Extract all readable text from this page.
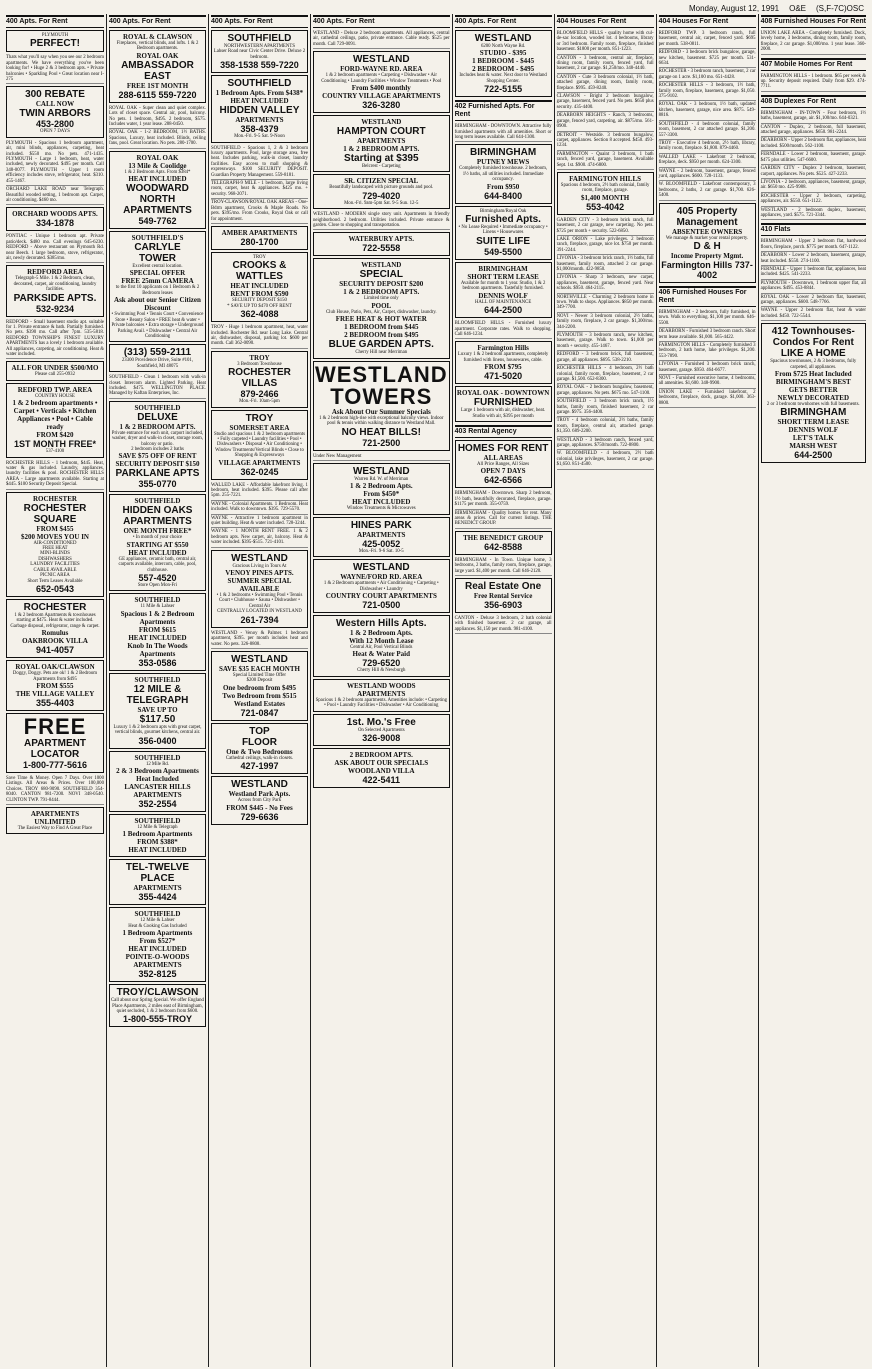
Monday, August 12, 1991 O&E (S,F-7C)OSC
400 Apts. For Rent
PLYMOUTH
PERFECT!
Thats what you'll say when you see our 2 bedroom apartments. We have everything you've been looking for! • Huge 2 & 3 bedroom apts. • Private balconies • Sparkling Pool • Great location near I-275
300 REBATE
CALL NOW
TWIN ARBORS
453-2800
OPEN 7 DAYS
PLYMOUTH - Spacious 1 bedroom apartment, air, mini blinds, appliances, carpeting, heat included. $550 mo. No pets. 471-1435. PLYMOUTH - Large 1 bedroom, heat, water included, newly decorated. $495 per month. Call 348-0077. PLYMOUTH - Upper 1 room efficiency includes stove, refrigerator, heat. $310. 455-1467.
ORCHARD LAKE ROAD near Telegraph. Beautiful wooded setting, 1 bedroom apt. Carpet, air conditioning. $460 mo.
ORCHARD WOODS APTS.
334-1878
PONTIAC - Unique 1 bedroom apt. Private patio/deck. $480 mo. Call evenings 645-6230. REDFORD - Above restaurant on Plymouth Rd. near Beech. 1 large bedroom, stove, refrigerator, air, newly decorated. $385/mo.
REDFORD AREA
Telegraph-5 Mile. 1 & 2 Bedroom, clean, decorated, carpet, air conditioning, laundry facilities.
PARKSIDE APTS.
532-9234
REDFORD - Small basement studio apt. suitable for 1. Private entrance & bath. Partially furnished. No pets. $390 mo. Call after 7pm. 535-5818. REDFORD TOWNSHIP'S FINEST LUXURY APARTMENTS has a lovely 1 bedroom available. All appliances, carpeting, air conditioning. Heat & water included.
ALL FOR UNDER $500/MO
Please call 255-0932
REDFORD TWP. AREA
COUNTRY HOUSE
1 & 2 bedroom apartments • Carpet • Verticals • Kitchen Appliances • Pool • Cable ready
FROM $420
1ST MONTH FREE*
537-4100
ROCHESTER HILLS - 1 bedroom, $445. Heat, water & gas included. Laundry, appliances, laundry facilities & pool. ROCHESTER HILLS AREA - Large apartments available. Starting at $445. $100 Security Deposit Special.
ROCHESTER
ROCHESTER
SQUARE
FROM $455
$200 MOVES YOU IN
AIR-CONDITIONED
FREE HEAT
MINI-BLINDS
DISHWASHERS
LAUNDRY FACILITIES
CABLE AVAILABLE
PICNIC AREA
Short Term Leases Available
652-0543
ROCHESTER
1 & 2 bedroom Apartments & townhouses starting at $475. Heat & water included. Garbage disposal, refrigerator, range & carpet.
Romulus
OAKBROOK VILLA
941-4057
ROYAL OAK/CLAWSON
Doggy, Doggy. Pets are ok! 1 & 2 Bedroom Apartments from $495
FROM $555
THE VILLAGE VALLEY
355-4403
FREE
APARTMENT
LOCATOR
1-800-777-5616
Save Time & Money. Open 7 Days. Over 1000 Listings. All Areas & Prices. Over 100,000 Choices. TROY 680-9090. SOUTHFIELD 354-8040. CANTON 981-7200. NOVI 348-0540. CLINTON TWP. 791-8444.
APARTMENTS
UNLIMITED
The Easiest Way to Find A Great Place
400 Apts. For Rent
ROYAL & CLAWSON
Fireplaces, vertical blinds, and lofts. 1 & 2 Bedroom apartments.
ROYAL OAK
AMBASSADOR EAST
FREE 1ST MONTH
288-6115 559-7220
ROYAL OAK - Super clean and quiet complex. Lots of closet space. Central air, pool, balcony. No pets. 1 bedroom, $495. 2 bedroom, $575. Includes water, 1 year lease. 288-0450.
ROYAL OAK - 1-2 BEDROOM, 1½ BATHS. Spacious, Luxury, heat included. Blinds, ceiling fans, pool. Great location. No pets. 280-1700.
ROYAL OAK
13 Mile & Coolidge
1 & 2 Bedroom Apts. From $384*
HEAT INCLUDED
WOODWARD NORTH APARTMENTS
549-7762
SOUTHFIELD'S
CARLYLE
TOWER
Excellent central location.
SPECIAL OFFER
FREE 25mm CAMERA
to the first 10 applicants on 1 Bedroom & 2 Bedroom leases
Ask about our Senior Citizen Discount
• Swimming Pool • Tennis Court • Convenience Store • Beauty Salon • FREE heat & water • Private balconies • Extra storage • Underground Parking Avail. • Dishwasher • Central Air Conditioning
(313) 559-2111
23300 Providence Drive, Suite #101, Southfield, MI 48075
SOUTHFIELD - Clean 1 bedroom with walk-in closet. Intercom alarm. Lighted Parking. Heat included. $475. WELLINGTON PLACE. Managed by Kaftan Enterprises, Inc.
SOUTHFIELD
DELUXE
1 & 2 BEDROOM APTS.
Private entrance for each unit, carport included, washer, dryer and walk-in closet, storage room, balcony or patio.
2 bedroom includes 2 baths
SAVE $75 OFF OF RENT
SECURITY DEPOSIT $150
PARKLANE APTS
355-0770
SOUTHFIELD
HIDDEN OAKS
APARTMENTS
ONE MONTH FREE*
• In month of your choice
STARTING AT $550
HEAT INCLUDED
GE appliances, ceramic bath, central air, carports available, intercom, cable, pool, clubhouse.
557-4520
Store Open Mon-Fri
SOUTHFIELD
11 Mile & Lahser
Spacious 1 & 2 Bedroom Apartments
FROM $615
HEAT INCLUDED
Knob In The Woods Apartments
353-0586
SOUTHFIELD
12 MILE &
TELEGRAPH
SAVE UP TO
$117.50
Luxury 1 & 2 bedroom apts with great carpet, vertical blinds, gourmet kitchens, central air.
356-0400
SOUTHFIELD
12 Mile Rd.
2 & 3 Bedroom Apartments
Heat Included
LANCASTER HILLS APARTMENTS
352-2554
SOUTHFIELD
12 Mile & Telegraph
1 Bedroom Apartments
FROM $388*
HEAT INCLUDED
TEL-TWELVE PLACE
APARTMENTS
355-4424
SOUTHFIELD
12 Mile & Lahser
Heat & Cooking Gas Included
1 Bedroom Apartments
From $527*
HEAT INCLUDED
POINTE-O-WOODS APARTMENTS
352-8125
TROY/CLAWSON
Call about our Spring Special. We offer England Place Apartments, 2 miles east of Birmingham, quiet secluded, 1 & 2 bedroom from $600.
1-800-555-TROY
400 Apts. For Rent
SOUTHFIELD
NORTHWESTERN APARTMENTS
Lahser Road near Civic Center Drive. Deluxe 2 bedroom.
358-1538 559-7220
SOUTHFIELD
1 Bedroom Apts. From $438*
HEAT INCLUDED
HIDDEN VALLEY
APARTMENTS
358-4379
Mon.-Fri. 9-5 Sat. 9-Noon
SOUTHFIELD - Spacious 1, 2 & 3 bedroom luxury apartments. Pool, large storage area, free heat. Includes parking, walk-in closet, laundry facilities. Easy access to mall shopping & expressways. $100 SECURITY DEPOSIT. Guardian Property Management. 559-8181.
TELEGRAPH-9 MILE - 1 bedroom, large living room, carpet, heat & appliances. $425 mo. + security. 968-2071.
TROY-CLAWSON/ROYAL OAK AREAS - One-Bdrm apartment, Crooks & Maple Roads. No pets. $395/mo. From Crooks, Royal Oak or call for appointment.
AMBER APARTMENTS
280-1700
TROY
CROOKS &
WATTLES
HEAT INCLUDED
RENT FROM $590
SECURITY DEPOSIT $150
* SAVE UP TO $470 OFF RENT
362-4088
TROY - Huge 1 bedroom apartment, heat, water included. Rochester Rd. near Long Lake. Central air, dishwasher, disposal, parking lot. $600 per month. Call 362-0090.
TROY
3 Bedroom Townhouse
ROCHESTER VILLAS
879-2466
Mon.-Fri. 10am-5pm
TROY
SOMERSET AREA
Studio and spacious 1 & 2 bedroom apartments • Fully carpeted • Laundry facilities • Pool • Dishwashers • Disposal • Air Conditioning • Window Treatments/Vertical Blinds • Close to Shopping & Expressways
VILLAGE APARTMENTS
362-0245
WALLED LAKE - Affordable lakefront living. 1 bedroom, heat included. $395. Please call after 5pm. 255-7221.
WAYNE - Colonial Apartments. 1 Bedroom. Heat included. Walk to downtown. $395. 729-5570.
WAYNE - Attractive 1 bedroom apartment in quiet building. Heat & water included. 728-3244.
WAYNE - 1 MONTH RENT FREE. 1 & 2 bedroom apts. New carpet, air, balcony. Heat & water included. $395-$515. 721-4101.
WESTLAND
Gracious Living in Tours At
VENOY PINES APTS.
SUMMER SPECIAL AVAILABLE
• 1 & 2 bedrooms • Swimming Pool • Tennis Court • Clubhouse • Sauna • Dishwasher • Central Air
CENTRALLY LOCATED IN WESTLAND
261-7394
WESTLAND - Venoy & Palmer. 1 bedroom apartment, $395. per month includes heat and water. No pets. 326-8808.
WESTLAND
SAVE $35 EACH MONTH
Special Limited Time Offer
$200 Deposit
One bedroom from $495
Two Bedroom from $515
Westland Estates
721-0847
TOP
FLOOR
One & Two Bedrooms
Cathedral ceilings, walk-in closets.
427-1997
WESTLAND
Westland Park Apts.
Across from City Park
FROM $445 - No Fees
729-6636
400 Apts. For Rent
WESTLAND - Deluxe 2 bedroom apartments. All appliances, central air, cathedral ceilings, patio, private entrance. Cable ready. $525 per month. Call 729-0091.
WESTLAND
FORD-WAYNE RD. AREA
1 & 2 bedroom apartments • Carpeting • Dishwasher • Air Conditioning • Laundry Facilities • Window Treatments • Pool
From $400 monthly
COUNTRY VILLAGE APARTMENTS
326-3280
WESTLAND
HAMPTON COURT
APARTMENTS
1 & 2 BEDROOM APTS.
Starting at $395
Belcrest - Carpeting
SR. CITIZEN SPECIAL
Beautifully landscaped with picture grounds and pool.
729-4020
Mon.-Fri. 9am-5pm Sat. 9-5 Sun. 12-5
WESTLAND - MODERN single story unit. Apartments in friendly neighborhood. 2 bedroom. Utilities included. Private entrance & garden. Close to shopping and transportation.
WATERBURY APTS.
722-5558
WESTLAND
SPECIAL
SECURITY DEPOSIT $200
1 & 2 BEDROOM APTS.
Limited time only
POOL
Club House, Patio, Pets, Air, Carpet, dishwasher, laundry.
FREE HEAT & HOT WATER
1 BEDROOM from $445
2 BEDROOM from $495
BLUE GARDEN APTS.
Cherry Hill near Merriman
WESTLAND
TOWERS
Ask About Our Summer Specials
1 & 2 bedroom high-rise with exceptional balcony views. Indoor pool & tennis within walking distance to Westland Mall.
NO HEAT BILLS!
721-2500
Under New Management
WESTLAND
Warren Rd. W. of Merriman
1 & 2 Bedroom Apts.
From $450*
HEAT INCLUDED
Window Treatments & Microwaves
HINES PARK
APARTMENTS
425-0052
Mon.-Fri. 9-6 Sat. 10-5
WESTLAND
WAYNE/FORD RD. AREA
1 & 2 Bedroom apartments • Air Conditioning • Carpeting • Dishwasher • Laundry
COUNTRY COURT APARTMENTS
721-0500
Western Hills Apts.
1 & 2 Bedroom Apts.
With 12 Month Lease
Central Air, Pool Vertical Blinds
Heat & Water Paid
729-6520
Cherry Hill & Newburgh
WESTLAND WOODS
APARTMENTS
Spacious 1 & 2 bedroom apartments. Amenities include: • Carpeting • Pool • Laundry Facilities • Dishwasher • Air Conditioning
1st. Mo.'s Free
On Selected Apartments
326-9008
2 BEDROOM APTS.
ASK ABOUT OUR SPECIALS
WOODLAND VILLA
422-5411
400 Apts. For Rent
WESTLAND
6200 North Wayne Rd.
STUDIO - $395
1 BEDROOM - $445
2 BEDROOM - $495
Includes heat & water. Next door to Westland Shopping Center.
722-5155
402 Furnished Apts. For Rent
BIRMINGHAM - DOWNTOWN. Attractive fully furnished apartments with all amenities. Short or long term leases available. Call 644-1300.
BIRMINGHAM
PUTNEY MEWS
Completely furnished townhouse. 2 bedroom, 1½ baths, all utilities included. Immediate occupancy.
From $950
644-8400
Birmingham/Royal Oak
Furnished Apts.
• No Lease Required • Immediate occupancy • Linens • Housewares
SUITE LIFE
549-5500
BIRMINGHAM
SHORT TERM LEASE
Available for month to 1 year. Studio, 1 & 2 bedroom apartments. Tastefully furnished.
DENNIS WOLF
HALL OF MAINTENANCE
644-2500
BLOOMFIELD HILLS - Furnished luxury apartment. Corporate rates. Walk to shopping. Call 646-1234.
Farmington Hills
Luxury 1 & 2 bedroom apartments, completely furnished with linens, housewares, cable.
FROM $795
471-5020
ROYAL OAK - DOWNTOWN
FURNISHED
Large 1 bedroom with air, dishwasher, heat.
Studio with air, $395 per month
403 Rental Agency
HOMES FOR RENT
ALL AREAS
All Price Ranges, All Sizes
OPEN 7 DAYS
642-6566
BIRMINGHAM - Downtown. Sharp 2 bedroom, 1½ bath, beautifully decorated, fireplace, garage. $1175 per month. 355-0759.
BIRMINGHAM - Quality homes for rent. Many areas & prices. Call for current listings. THE BENEDICT GROUP.
THE BENEDICT GROUP
642-8588
BIRMINGHAM - In Town. Unique home, 3 bedrooms, 2 baths, family room, fireplace, garage, large yard. $1,400 per month. Call 646-2120.
Real Estate One
Free Rental Service
356-6903
CANTON - Deluxe 3 bedroom, 2 bath colonial with finished basement. 2 car garage, all appliances. $1,150 per month. 981-4100.
404 Houses For Rent
BLOOMFIELD HILLS - quality home with cul-de-sac location, wooded lot. 4 bedrooms, library or 3rd bedroom. Family room, fireplace, finished basement. $1800 per month. 851-1223.
CANTON - 3 bedroom, central air, fireplace, dining room, family room, fenced yard, full basement, 2 car garage. $1,250/mo. 348-4440.
CANTON - Cute 3 bedroom colonial, 1½ bath, attached garage, dining room, family room, fireplace. $995. 459-8240.
CLAWSON - Bright 2 bedroom bungalow, garage, basement, fenced yard. No pets. $650 plus security. 435-4400.
DEARBORN HEIGHTS - Ranch, 3 bedrooms, garage, fenced yard, carpeting, air. $875/mo. 561-0900.
DETROIT - Westside. 3 bedroom bungalow, carpet, appliances. Section 8 accepted. $450. 493-1234.
FARMINGTON - Quaint 3 bedroom, 1 bath ranch, fenced yard, garage, basement. Available Sept. 1st. $900. 474-6800.
FARMINGTON HILLS
Spacious 4 bedroom, 2½ bath colonial, family room, fireplace, garage.
$1,400 MONTH
553-4042
GARDEN CITY - 3 bedroom brick ranch, full basement, 2 car garage, new carpeting. No pets. $725 per month + security. 522-6850.
LAKE ORION - Lake privileges. 2 bedroom ranch, fireplace, garage, nice lot. $750 per month. 391-2244.
LIVONIA - 3 bedroom brick ranch, 1½ baths, full basement, family room, attached 2 car garage. $1,000/month. 422-9850.
LIVONIA - Sharp 3 bedroom, new carpet, appliances, basement, garage, fenced yard. Near schools. $950. 464-2115.
NORTHVILLE - Charming 2 bedroom home in town. Walk to shops. Appliances. $850 per month. 349-7700.
NOVI - Newer 3 bedroom colonial, 2½ baths, family room, fireplace, 2 car garage. $1,300/mo. 344-2200.
PLYMOUTH - 3 bedroom ranch, new kitchen, basement, garage. Walk to town. $1,000 per month + security. 455-1467.
REDFORD - 3 bedroom brick, full basement, garage, all appliances. $695. 538-2210.
ROCHESTER HILLS - 4 bedroom, 2½ bath colonial, family room, fireplace, basement, 2 car garage. $1,500. 652-8300.
ROYAL OAK - 2 bedroom bungalow, basement, garage, appliances. No pets. $675 mo. 547-1100.
SOUTHFIELD - 3 bedroom brick ranch, 1½ baths, family room, finished basement, 2 car garage. $975. 356-4400.
TROY - 4 bedroom colonial, 2½ baths, family room, fireplace, central air, attached garage. $1,350. 689-2200.
WESTLAND - 3 bedroom ranch, fenced yard, garage, appliances. $750/month. 722-8800.
W. BLOOMFIELD - 4 bedroom, 2½ bath colonial, lake privileges, basement, 2 car garage. $1,650. 851-4500.
404 Houses For Rent
REDFORD TWP. 3 bedroom ranch, full basement, central air, carpet, fenced yard. $695 per month. 538-0811.
REDFORD - 3 bedroom brick bungalow, garage, new kitchen, basement. $725 per month. 531-6634.
ROCHESTER - 3 bedroom ranch, basement, 2 car garage on 1 acre. $1,100 mo. 651-4428.
ROCHESTER HILLS - 3 bedroom, 1½ bath, family room, fireplace, basement, garage. $1,050. 375-9102.
ROYAL OAK - 3 bedroom, 1½ bath, updated kitchen, basement, garage, nice area. $875. 549-8816.
SOUTHFIELD - 4 bedroom colonial, family room, basement, 2 car attached garage. $1,200. 557-3300.
TROY - Executive 4 bedroom, 2½ bath, library, family room, fireplace. $1,800. 879-4460.
WALLED LAKE - Lakefront 2 bedroom, fireplace, deck. $950 per month. 624-3300.
WAYNE - 2 bedroom, basement, garage, fenced yard, appliances. $600. 728-1133.
W. BLOOMFIELD - Lakefront contemporary, 3 bedrooms, 2 baths, 2 car garage. $1,700. 626-5400.
405 Property
Management
ABSENTEE OWNERS
We manage & market your rental property.
D & H
Income Property Mgmt.
Farmington Hills 737-4002
406 Furnished Houses For Rent
BIRMINGHAM - 2 bedroom, fully furnished, in town. Walk to everything. $1,100 per month. 646-5500.
DEARBORN - Furnished 3 bedroom ranch. Short term lease available. $1,000. 565-4422.
FARMINGTON HILLS - Completely furnished 3 bedroom, 2 bath home, lake privileges. $1,200. 553-7890.
LIVONIA - Furnished 3 bedroom brick ranch, basement, garage. $950. 464-6677.
NOVI - Furnished executive home, 4 bedrooms, all amenities. $1,600. 348-9900.
UNION LAKE - Furnished lakefront, 2 bedrooms, fireplace, dock, garage. $1,000. 363-8800.
408 Furnished Houses For Rent
UNION LAKE AREA - Completely furnished. Dock, lovely home, 3 bedrooms, dining room, family room, fireplace, 2 car garage. $1,000/mo. 1 year lease. 360-2000.
407 Mobile Homes For Rent
FARMINGTON HILLS - 1 bedroom. $65 per week & up. Security deposit required. Daily from $29. 474-7711.
408 Duplexes For Rent
BIRMINGHAM - IN-TOWN - Four bedroom, 1½ baths, basement, garage, air. $1,100/mo. 644-0321.
CANTON - Duplex, 2 bedroom, full basement, attached garage, appliances. $650. 981-2244.
DEARBORN - Upper 2 bedroom flat, appliances, heat included. $500/month. 562-1100.
FERNDALE - Lower 2 bedroom, basement, garage. $475 plus utilities. 547-6600.
GARDEN CITY - Duplex 2 bedroom, basement, carport, appliances. No pets. $525. 427-2233.
LIVONIA - 2 bedroom, appliances, basement, garage, air. $650 mo. 425-9988.
ROCHESTER - Upper 2 bedroom, carpeting, appliances, air. $550. 651-1122.
WESTLAND - 2 bedroom duplex, basement, appliances, yard. $575. 721-3344.
410 Flats
BIRMINGHAM - Upper 2 bedroom flat, hardwood floors, fireplace, porch. $775 per month. 647-1122.
DEARBORN - Lower 2 bedroom, basement, garage, heat included. $550. 274-1100.
FERNDALE - Upper 1 bedroom flat, appliances, heat included. $425. 541-2233.
PLYMOUTH - Downtown, 1 bedroom upper flat, all appliances. $495. 453-8844.
ROYAL OAK - Lower 2 bedroom flat, basement, garage, appliances. $600. 548-7766.
WAYNE - Upper 2 bedroom flat, heat & water included. $450. 722-5544.
412 Townhouses-
Condos For Rent
LIKE A HOME
Spacious townhouses, 2 & 3 bedrooms, fully carpeted, all appliances.
From $725 Heat Included
BIRMINGHAM'S BEST
GETS BETTER
NEWLY DECORATED
2 or 3 bedroom townhomes with full basements.
BIRMINGHAM
SHORT TERM LEASE
DENNIS WOLF
LET'S TALK
MARSH WEST
644-2500
